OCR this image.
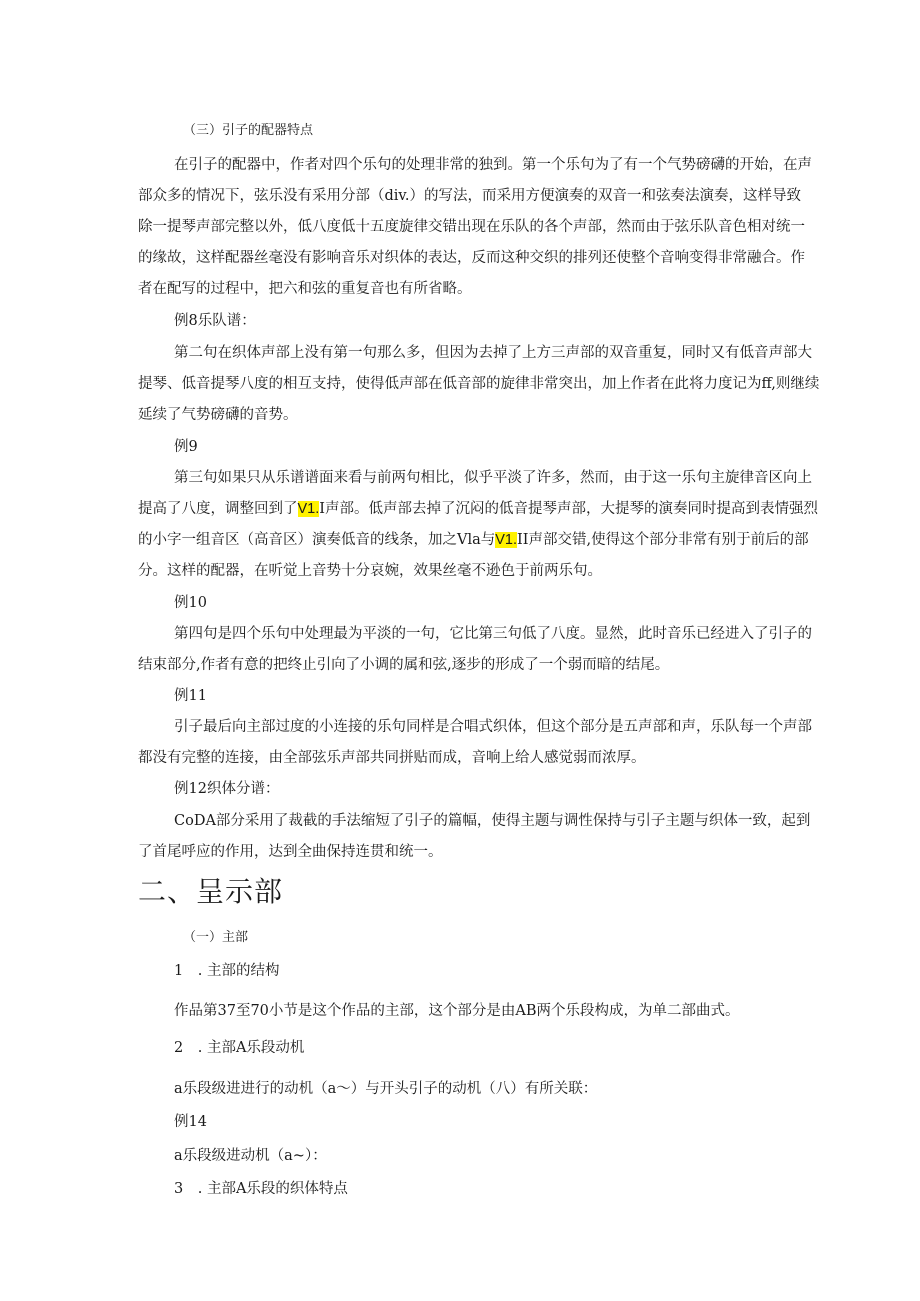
（三）引子的配器特点
在引子的配器中，作者对四个乐句的处理非常的独到。第一个乐句为了有一个气势磅礴的开始，在声
部众多的情况下，弦乐没有采用分部（div.）的写法，而采用方便演奏的双音一和弦奏法演奏，这样导致
除一提琴声部完整以外，低八度低十五度旋律交错出现在乐队的各个声部，然而由于弦乐队音色相对统一
的缘故，这样配器丝毫没有影响音乐对织体的表达，反而这种交织的排列还使整个音响变得非常融合。作
者在配写的过程中，把六和弦的重复音也有所省略。
例8乐队谱：
第二句在织体声部上没有第一句那么多，但因为去掉了上方三声部的双音重复，同时又有低音声部大
提琴、低音提琴八度的相互支持，使得低声部在低音部的旋律非常突出，加上作者在此将力度记为ff,则继续
延续了气势磅礴的音势。
例9
第三句如果只从乐谱谱面来看与前两句相比，似乎平淡了许多，然而，由于这一乐句主旋律音区向上
提高了八度，调整回到了V1.I声部。低声部去掉了沉闷的低音提琴声部，大提琴的演奏同时提高到表情强烈
的小字一组音区（高音区）演奏低音的线条，加之Vla与V1.II声部交错,使得这个部分非常有别于前后的部
分。这样的配器，在听觉上音势十分哀婉，效果丝毫不逊色于前两乐句。
例10
第四句是四个乐句中处理最为平淡的一句，它比第三句低了八度。显然，此时音乐已经进入了引子的
结束部分,作者有意的把终止引向了小调的属和弦,逐步的形成了一个弱而暗的结尾。
例11
引子最后向主部过度的小连接的乐句同样是合唱式织体，但这个部分是五声部和声，乐队每一个声部
都没有完整的连接，由全部弦乐声部共同拼贴而成，音响上给人感觉弱而浓厚。
例12织体分谱：
CoDA部分采用了裁截的手法缩短了引子的篇幅，使得主题与调性保持与引子主题与织体一致，起到
了首尾呼应的作用，达到全曲保持连贯和统一。
二、呈示部
（一）主部
1　. 主部的结构
作品第37至70小节是这个作品的主部，这个部分是由AB两个乐段构成，为单二部曲式。
2　. 主部A乐段动机
a乐段级进进行的动机（a～）与开头引子的动机（八）有所关联：
例14
a乐段级进动机（a~）：
3　. 主部A乐段的织体特点
